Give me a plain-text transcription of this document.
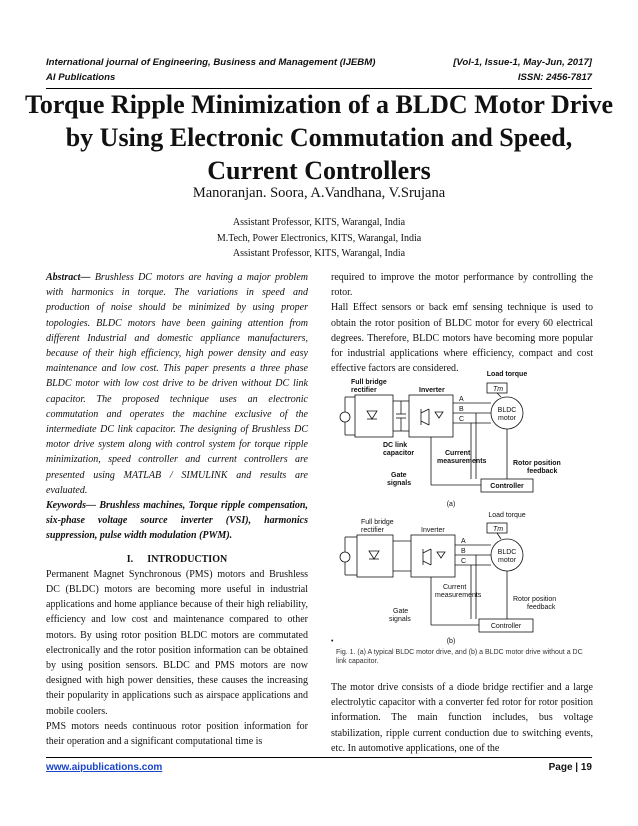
International journal of Engineering, Business and Management (IJEBM)	[Vol-1, Issue-1, May-Jun, 2017]
AI Publications	ISSN: 2456-7817
Torque Ripple Minimization of a BLDC Motor Drive by Using Electronic Commutation and Speed, Current Controllers
Manoranjan. Soora, A.Vandhana, V.Srujana
Assistant Professor, KITS, Warangal, India
M.Tech, Power Electronics, KITS, Warangal, India
Assistant Professor, KITS, Warangal, India

Abstract— Brushless DC motors are having a major problem with harmonics in torque. The variations in speed and production of noise should be minimized by using proper topologies. BLDC motors have been gaining attention from different Industrial and domestic appliance manufacturers, because of their high efficiency, high power density and easy maintenance and low cost. This paper presents a three phase BLDC motor with low cost drive to be driven without DC link capacitor. The proposed technique uses an electronic commutation and operates the machine exclusive of the intermediate DC link capacitor. The designing of Brushless DC motor drive system along with control system for torque ripple minimization, speed controller and current controllers are presented using MATLAB / SIMULINK and results are evaluated.

Keywords— Brushless machines, Torque ripple compensation, six-phase voltage source inverter (VSI), harmonics suppression, pulse width modulation (PWM).

I. INTRODUCTION

Permanent Magnet Synchronous (PMS) motors and Brushless DC (BLDC) motors are becoming more useful in industrial applications and home appliance because of their high reliability, efficiency and low cost and maintenance compared to other motors. By using rotor position BLDC motors are commutated electronically and the rotor position information can be obtained by using position sensors. BLDC and PMS motors are now designed with high power densities, these causes the increasing their popularity in applications such as airspace applications and mobile coolers.

PMS motors needs continuous rotor position information for their operation and a significant computational time is

required to improve the motor performance by controlling the rotor.

Hall Effect sensors or back emf sensing technique is used to obtain the rotor position of BLDC motor for every 60 electrical degrees. Therefore, BLDC motors have becoming more popular for industrial applications where efficiency, compact and cost effective factors are considered.

Load torque
Tm
Full bridge
rectifier	Inverter
A
B
C
BLDC
motor
DC link
capacitor	Current
measurements	Rotor position
feedback
Gate
signals	Controller
(a)
Load torque
Tm
Full bridge
rectifier	Inverter
A
B
C
BLDC
motor
Current
measurements
Rotor position
feedback
Gate
signals
Controller
(b)
•
Fig. 1. (a) A typical BLDC motor drive, and (b) a BLDC motor drive without a DC link capacitor.

The motor drive consists of a diode bridge rectifier and a large electrolytic capacitor with a converter fed rotor for rotor position information. The main function includes, bus voltage stabilization, ripple current conduction due to switching events, etc. In automotive applications, one of the

www.aipublications.com	Page | 19
